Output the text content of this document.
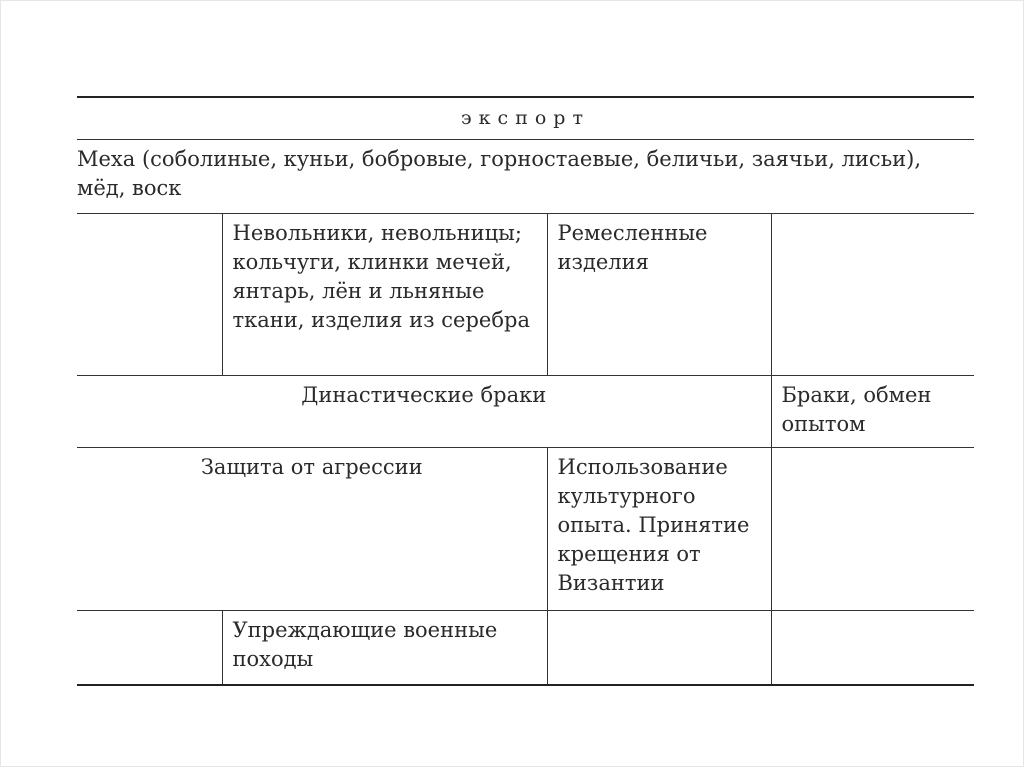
экспорт			
Меха (соболиные, куньи, бобровые, горностаевые, беличьи, заячьи, лисьи), мёд, воск			
	Невольники, невольницы; кольчуги, клинки мечей, янтарь, лён и льняные ткани, изделия из серебра	Ремесленные изделия	
Династические браки			Браки, обмен опытом
Защита от агрессии		Использование культурного опыта. Принятие крещения от Византии	
	Упреждающие военные походы		
